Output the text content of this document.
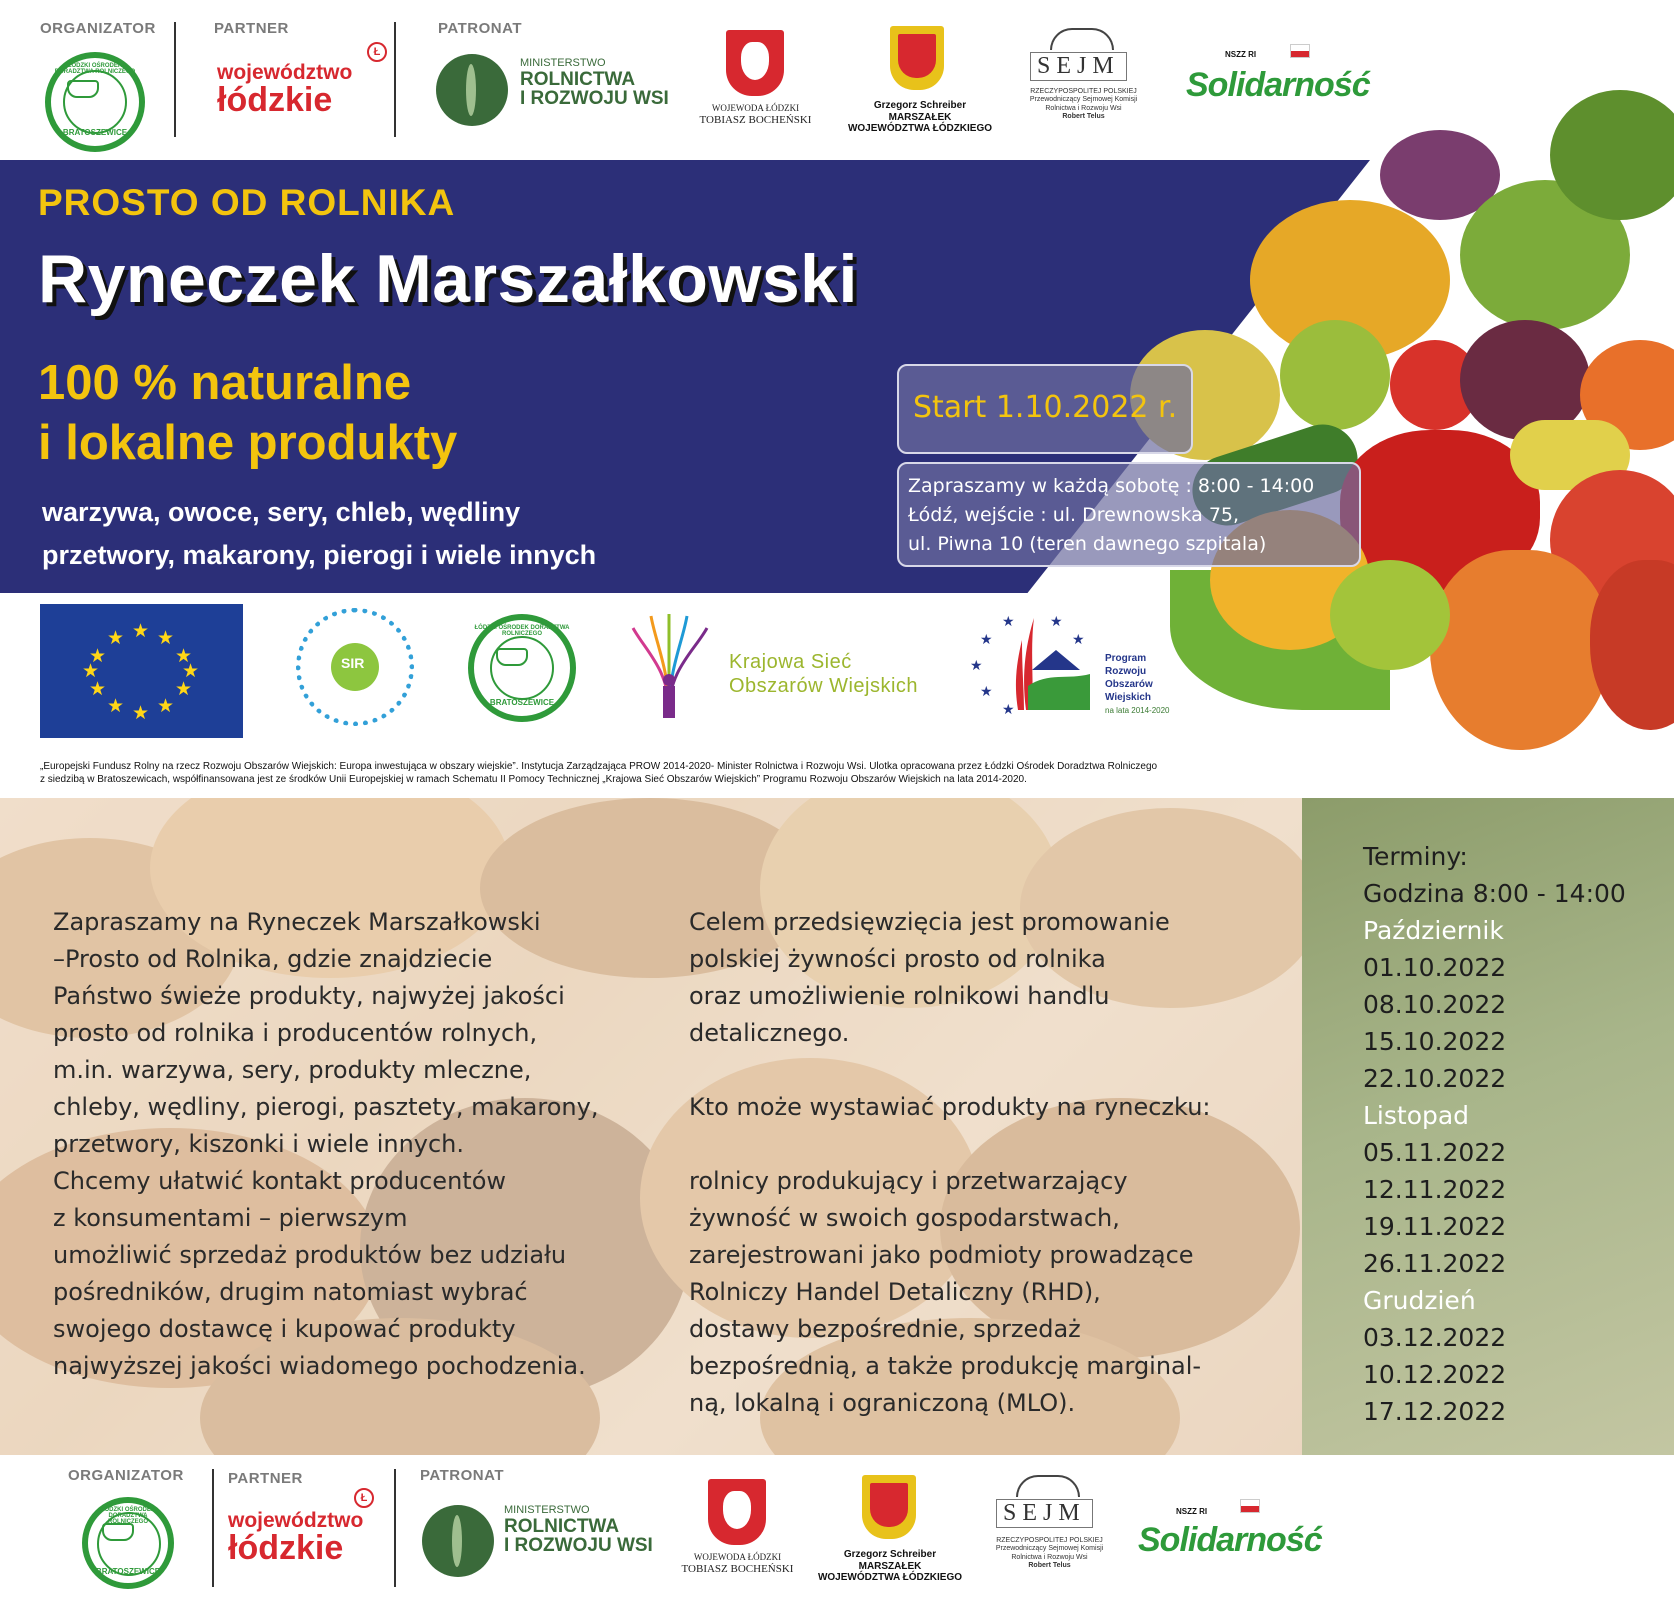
ORGANIZATOR
ŁÓDZKI OŚRODEK DORADZTWA ROLNICZEGO
BRATOSZEWICE
PARTNER
województwo
łódzkie
Ł
PATRONAT
MINISTERSTWO
ROLNICTWA
I ROZWOJU WSI	WOJEWODA ŁÓDZKI
TOBIASZ BOCHEŃSKI
Grzegorz Schreiber
MARSZAŁEK
WOJEWÓDZTWA ŁÓDZKIEGO
SEJM
RZECZYPOSPOLITEJ POLSKIEJ
Przewodniczący Sejmowej Komisji
Rolnictwa i Rozwoju Wsi
Robert Telus
NSZZ RI
Solidarność
PROSTO OD ROLNIKA
Ryneczek Marszałkowski
100 % naturalne
i lokalne produkty
warzywa, owoce, sery, chleb, wędliny
przetwory, makarony, pierogi i wiele innych
Start 1.10.2022 r.
Zapraszamy w każdą sobotę : 8:00 - 14:00
Łódź, wejście : ul. Drewnowska 75,
ul. Piwna 10 (teren dawnego szpitala)
★ ★
★
★
★
★
★
★
★
★
★
★
SIR
ŁÓDZKI OŚRODEK DORADZTWA ROLNICZEGO
BRATOSZEWICE
Krajowa Sieć
Obszarów Wiejskich
★
★
★	★
★
★
★
Program
Rozwoju
Obszarów
Wiejskich
na lata 2014-2020
„Europejski Fundusz Rolny na rzecz Rozwoju Obszarów Wiejskich: Europa inwestująca w obszary wiejskie”. Instytucja Zarządzająca PROW 2014-2020- Minister Rolnictwa i Rozwoju Wsi. Ulotka opracowana przez Łódzki Ośrodek Doradztwa Rolniczego
z siedzibą w Bratoszewicach, współfinansowana jest ze środków Unii Europejskiej w ramach Schematu II Pomocy Technicznej „Krajowa Sieć Obszarów Wiejskich” Programu Rozwoju Obszarów Wiejskich na lata 2014-2020.
Zapraszamy na Ryneczek Marszałkowski
–Prosto od Rolnika, gdzie znajdziecie
Państwo świeże produkty, najwyżej jakości
prosto od rolnika i producentów rolnych,
m.in. warzywa, sery, produkty mleczne,
chleby, wędliny, pierogi, pasztety, makarony,
przetwory, kiszonki i wiele innych.
Chcemy ułatwić kontakt producentów
z konsumentami – pierwszym
umożliwić sprzedaż produktów bez udziału
pośredników, drugim natomiast wybrać
swojego dostawcę i kupować produkty
najwyższej jakości wiadomego pochodzenia.
Celem przedsięwzięcia jest promowanie
polskiej żywności prosto od rolnika
oraz umożliwienie rolnikowi handlu
detalicznego.
Kto może wystawiać produkty na ryneczku:
rolnicy produkujący i przetwarzający
żywność w swoich gospodarstwach,
zarejestrowani jako podmioty prowadzące
Rolniczy Handel Detaliczny (RHD),
dostawy bezpośrednie, sprzedaż
bezpośrednią, a także produkcję marginal-
ną, lokalną i ograniczoną (MLO).
Terminy:
Godzina 8:00 - 14:00
Październik
01.10.2022
08.10.2022
15.10.2022
22.10.2022
Listopad
05.11.2022
12.11.2022
19.11.2022
26.11.2022
Grudzień
03.12.2022
10.12.2022
17.12.2022
ORGANIZATOR
ŁÓDZKI OŚRODEK DORADZTWA ROLNICZEGO
BRATOSZEWICE
PARTNER
województwo
łódzkie
Ł
PATRONAT
MINISTERSTWO
ROLNICTWA
I ROZWOJU WSI
WOJEWODA ŁÓDZKI
TOBIASZ BOCHEŃSKI
Grzegorz Schreiber
MARSZAŁEK
WOJEWÓDZTWA ŁÓDZKIEGO
SEJM
RZECZYPOSPOLITEJ POLSKIEJ
Przewodniczący Sejmowej Komisji
Rolnictwa i Rozwoju Wsi
Robert Telus
NSZZ RI
Solidarność
